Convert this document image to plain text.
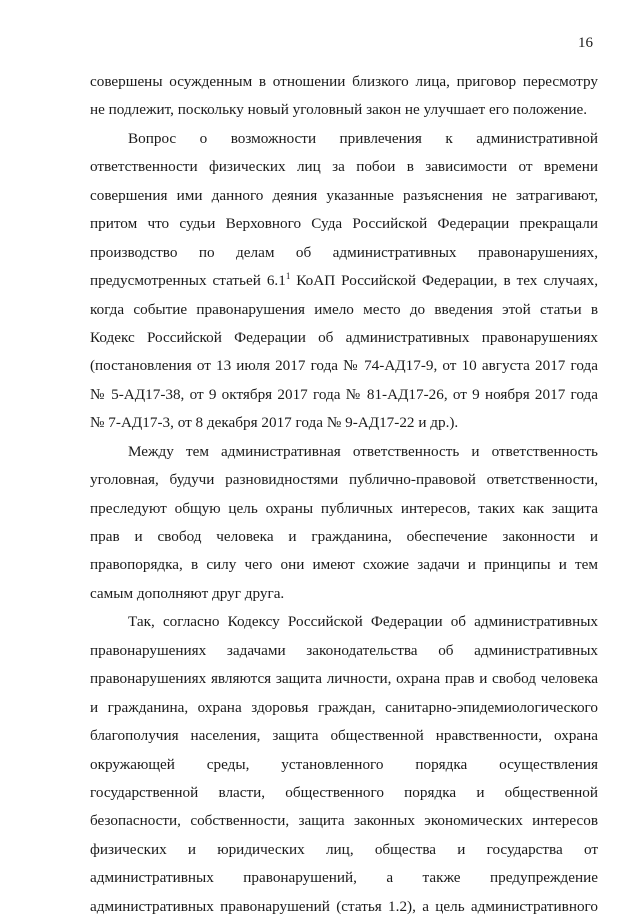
16
совершены осужденным в отношении близкого лица, приговор пересмотру
не подлежит, поскольку новый уголовный закон не улучшает его положение.
Вопрос о возможности привлечения к административной
ответственности физических лиц за побои в зависимости от времени
совершения ими данного деяния указанные разъяснения не затрагивают,
притом что судьи Верховного Суда Российской Федерации прекращали
производство по делам об административных правонарушениях,
предусмотренных статьей $6.1^1$ КоАП Российской Федерации, в тех случаях,
когда событие правонарушения имело место до введения этой статьи в
Кодекс Российской Федерации об административных правонарушениях
(постановления от 13 июля 2017 года № 74-АД17-9, от 10 августа 2017 года
№ 5-АД17-38, от 9 октября 2017 года № 81-АД17-26, от 9 ноября 2017 года
№ 7-АД17-3, от 8 декабря 2017 года № 9-АД17-22 и др.).
Между тем административная ответственность и ответственность
уголовная, будучи разновидностями публично-правовой ответственности,
преследуют общую цель охраны публичных интересов, таких как защита
прав и свобод человека и гражданина, обеспечение законности и
правопорядка, в силу чего они имеют схожие задачи и принципы и тем
самым дополняют друг друга.
Так, согласно Кодексу Российской Федерации об административных
правонарушениях задачами законодательства об административных
правонарушениях являются защита личности, охрана прав и свобод человека
и гражданина, охрана здоровья граждан, санитарно-эпидемиологического
благополучия населения, защита общественной нравственности, охрана
окружающей среды, установленного порядка осуществления
государственной власти, общественного порядка и общественной
безопасности, собственности, защита законных экономических интересов
физических и юридических лиц, общества и государства от
административных правонарушений, а также предупреждение
административных правонарушений (статья 1.2), а цель административного
